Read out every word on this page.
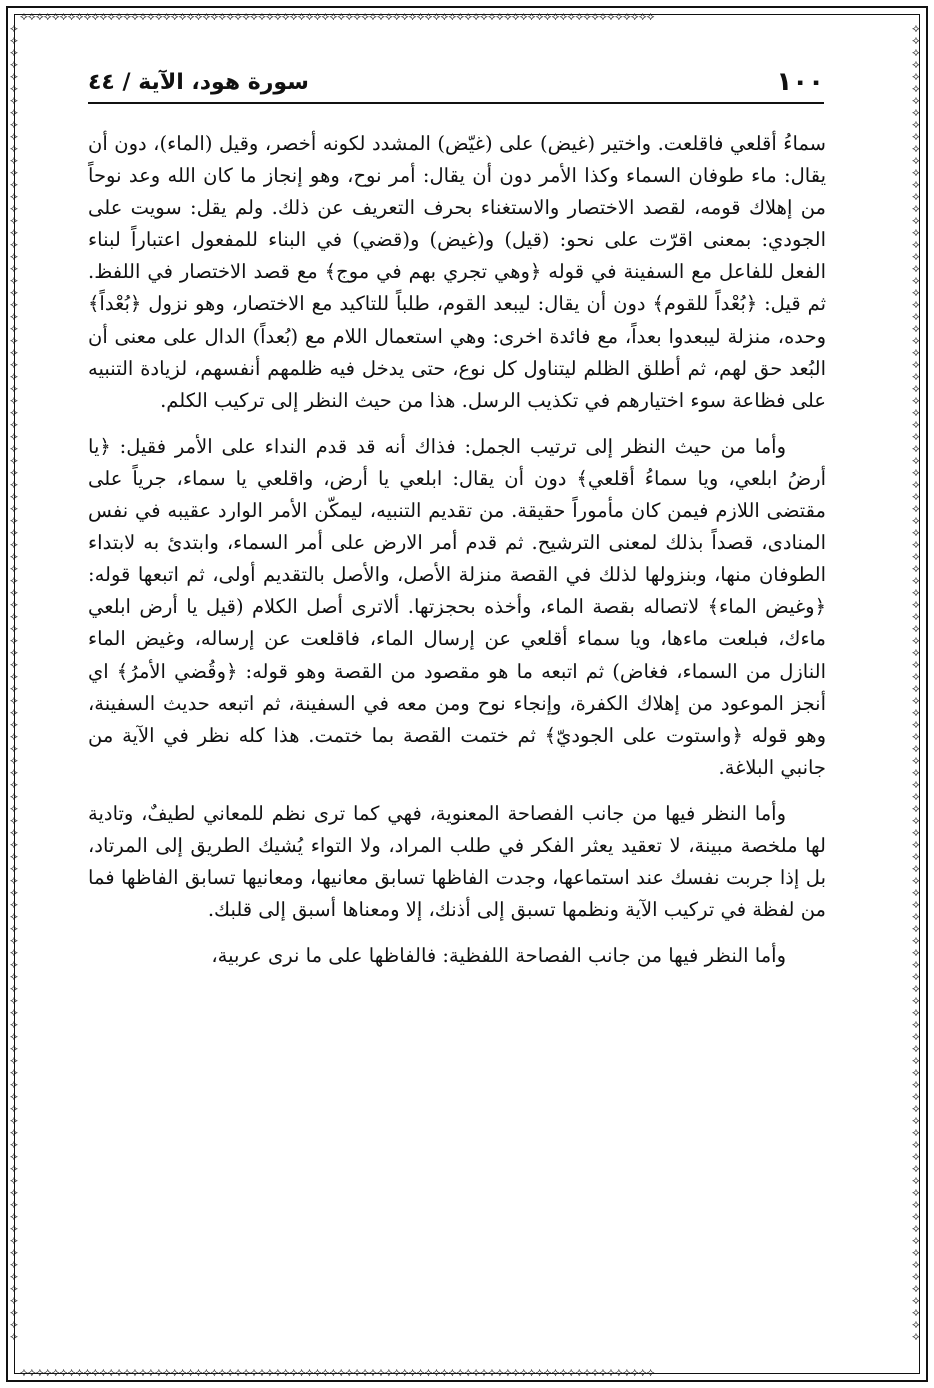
⟡⟡⟡⟡⟡⟡⟡⟡⟡⟡⟡⟡⟡⟡⟡⟡⟡⟡⟡⟡⟡⟡⟡⟡⟡⟡⟡⟡⟡⟡⟡⟡⟡⟡⟡⟡⟡⟡⟡⟡⟡⟡⟡⟡⟡⟡⟡⟡⟡⟡⟡⟡⟡⟡⟡⟡⟡⟡⟡⟡⟡⟡⟡⟡⟡⟡⟡⟡⟡⟡⟡⟡⟡⟡⟡⟡⟡⟡⟡⟡
⟡⟡⟡⟡⟡⟡⟡⟡⟡⟡⟡⟡⟡⟡⟡⟡⟡⟡⟡⟡⟡⟡⟡⟡⟡⟡⟡⟡⟡⟡⟡⟡⟡⟡⟡⟡⟡⟡⟡⟡⟡⟡⟡⟡⟡⟡⟡⟡⟡⟡⟡⟡⟡⟡⟡⟡⟡⟡⟡⟡⟡⟡⟡⟡⟡⟡⟡⟡⟡⟡⟡⟡⟡⟡⟡⟡⟡⟡⟡⟡
⟡⟡⟡⟡⟡⟡⟡⟡⟡⟡⟡⟡⟡⟡⟡⟡⟡⟡⟡⟡⟡⟡⟡⟡⟡⟡⟡⟡⟡⟡⟡⟡⟡⟡⟡⟡⟡⟡⟡⟡⟡⟡⟡⟡⟡⟡⟡⟡⟡⟡⟡⟡⟡⟡⟡⟡⟡⟡⟡⟡⟡⟡⟡⟡⟡⟡⟡⟡⟡⟡⟡⟡⟡⟡⟡⟡⟡⟡⟡⟡⟡⟡⟡⟡⟡⟡⟡⟡⟡⟡⟡⟡⟡⟡⟡⟡⟡⟡⟡⟡⟡⟡⟡⟡⟡⟡⟡⟡⟡⟡
⟡⟡⟡⟡⟡⟡⟡⟡⟡⟡⟡⟡⟡⟡⟡⟡⟡⟡⟡⟡⟡⟡⟡⟡⟡⟡⟡⟡⟡⟡⟡⟡⟡⟡⟡⟡⟡⟡⟡⟡⟡⟡⟡⟡⟡⟡⟡⟡⟡⟡⟡⟡⟡⟡⟡⟡⟡⟡⟡⟡⟡⟡⟡⟡⟡⟡⟡⟡⟡⟡⟡⟡⟡⟡⟡⟡⟡⟡⟡⟡⟡⟡⟡⟡⟡⟡⟡⟡⟡⟡⟡⟡⟡⟡⟡⟡⟡⟡⟡⟡⟡⟡⟡⟡⟡⟡⟡⟡⟡⟡
١٠٠
سورة هود، الآية / ٤٤

سماءُ أقلعي فاقلعت. واختير (غيض) على (غيّض) المشدد لكونه أخصر، وقيل (الماء)، دون أن يقال: ماء طوفان السماء وكذا الأمر دون أن يقال: أمر نوح، وهو إنجاز ما كان الله وعد نوحاً من إهلاك قومه، لقصد الاختصار والاستغناء بحرف التعريف عن ذلك. ولم يقل: سويت على الجودي: بمعنى اقرّت على نحو: (قيل) و(غيض) و(قضي) في البناء للمفعول اعتباراً لبناء الفعل للفاعل مع السفينة في قوله ﴿وهي تجري بهم في موج﴾ مع قصد الاختصار في اللفظ. ثم قيل: ﴿بُعْداً للقوم﴾ دون أن يقال: ليبعد القوم، طلباً للتاكيد مع الاختصار، وهو نزول ﴿بُعْداً﴾ وحده، منزلة ليبعدوا بعداً، مع فائدة اخرى: وهي استعمال اللام مع (بُعداً) الدال على معنى أن البُعد حق لهم، ثم أطلق الظلم ليتناول كل نوع، حتى يدخل فيه ظلمهم أنفسهم، لزيادة التنبيه على فظاعة سوء اختيارهم في تكذيب الرسل. هذا من حيث النظر إلى تركيب الكلم.

وأما من حيث النظر إلى ترتيب الجمل: فذاك أنه قد قدم النداء على الأمر فقيل: ﴿يا أرضُ ابلعي، ويا سماءُ أقلعي﴾ دون أن يقال: ابلعي يا أرض، واقلعي يا سماء، جرياً على مقتضى اللازم فيمن كان مأموراً حقيقة. من تقديم التنبيه، ليمكّن الأمر الوارد عقيبه في نفس المنادى، قصداً بذلك لمعنى الترشيح. ثم قدم أمر الارض على أمر السماء، وابتدئ به لابتداء الطوفان منها، وبنزولها لذلك في القصة منزلة الأصل، والأصل بالتقديم أولى، ثم اتبعها قوله: ﴿وغيض الماء﴾ لاتصاله بقصة الماء، وأخذه بحجزتها. ألاترى أصل الكلام (قيل يا أرض ابلعي ماءك، فبلعت ماءها، ويا سماء أقلعي عن إرسال الماء، فاقلعت عن إرساله، وغيض الماء النازل من السماء، فغاض) ثم اتبعه ما هو مقصود من القصة وهو قوله: ﴿وقُضي الأمرُ﴾ اي أنجز الموعود من إهلاك الكفرة، وإنجاء نوح ومن معه في السفينة، ثم اتبعه حديث السفينة، وهو قوله ﴿واستوت على الجوديّ﴾ ثم ختمت القصة بما ختمت. هذا كله نظر في الآية من جانبي البلاغة.

وأما النظر فيها من جانب الفصاحة المعنوية، فهي كما ترى نظم للمعاني لطيفٌ، وتادية لها ملخصة مبينة، لا تعقيد يعثر الفكر في طلب المراد، ولا التواء يُشيك الطريق إلى المرتاد، بل إذا جربت نفسك عند استماعها، وجدت الفاظها تسابق معانيها، ومعانيها تسابق الفاظها فما من لفظة في تركيب الآية ونظمها تسبق إلى أذنك، إلا ومعناها أسبق إلى قلبك.

وأما النظر فيها من جانب الفصاحة اللفظية: فالفاظها على ما نرى عربية،
